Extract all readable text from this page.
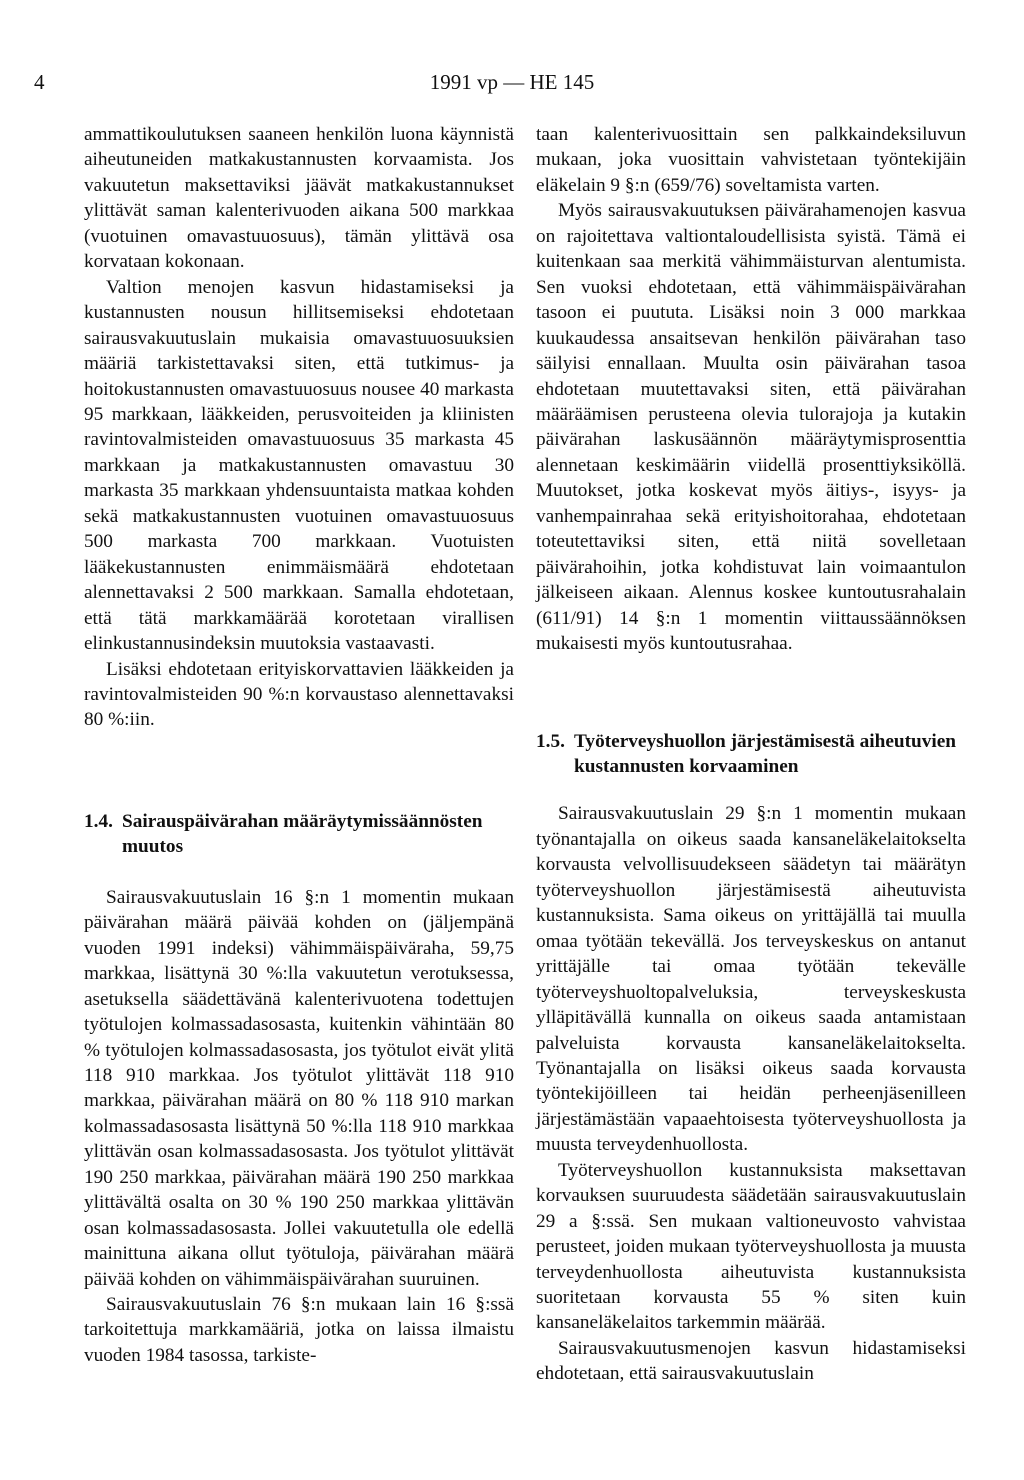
4	1991 vp — HE 145

ammattikoulutuksen saaneen henkilön luona käynnistä aiheutuneiden matkakustannusten korvaamista. Jos vakuutetun maksettaviksi jäävät matkakustannukset ylittävät saman kalenterivuoden aikana 500 markkaa (vuotuinen omavastuuosuus), tämän ylittävä osa korvataan kokonaan.

Valtion menojen kasvun hidastamiseksi ja kustannusten nousun hillitsemiseksi ehdotetaan sairausvakuutuslain mukaisia omavastuuosuuksien määriä tarkistettavaksi siten, että tutkimus- ja hoitokustannusten omavastuuosuus nousee 40 markasta 95 markkaan, lääkkeiden, perusvoiteiden ja kliinisten ravintovalmisteiden omavastuuosuus 35 markasta 45 markkaan ja matkakustannusten omavastuu 30 markasta 35 markkaan yhdensuuntaista matkaa kohden sekä matkakustannusten vuotuinen omavastuuosuus 500 markasta 700 markkaan. Vuotuisten lääkekustannusten enimmäismäärä ehdotetaan alennettavaksi 2 500 markkaan. Samalla ehdotetaan, että tätä markkamäärää korotetaan virallisen elinkustannusindeksin muutoksia vastaavasti.

Lisäksi ehdotetaan erityiskorvattavien lääkkeiden ja ravintovalmisteiden 90 %:n korvaustaso alennettavaksi 80 %:iin.

1.4. Sairauspäivärahan määräytymissäännösten muutos

Sairausvakuutuslain 16 §:n 1 momentin mukaan päivärahan määrä päivää kohden on (jäljempänä vuoden 1991 indeksi) vähimmäispäiväraha, 59,75 markkaa, lisättynä 30 %:lla vakuutetun verotuksessa, asetuksella säädettävänä kalenterivuotena todettujen työtulojen kolmassadasosasta, kuitenkin vähintään 80 % työtulojen kolmassadasosasta, jos työtulot eivät ylitä 118 910 markkaa. Jos työtulot ylittävät 118 910 markkaa, päivärahan määrä on 80 % 118 910 markan kolmassadasosasta lisättynä 50 %:lla 118 910 markkaa ylittävän osan kolmassadasosasta. Jos työtulot ylittävät 190 250 markkaa, päivärahan määrä 190 250 markkaa ylittävältä osalta on 30 % 190 250 markkaa ylittävän osan kolmassadasosasta. Jollei vakuutetulla ole edellä mainittuna aikana ollut työtuloja, päivärahan määrä päivää kohden on vähimmäispäivärahan suuruinen.

Sairausvakuutuslain 76 §:n mukaan lain 16 §:ssä tarkoitettuja markkamääriä, jotka on laissa ilmaistu vuoden 1984 tasossa, tarkiste-

taan kalenterivuosittain sen palkkaindeksiluvun mukaan, joka vuosittain vahvistetaan työntekijäin eläkelain 9 §:n (659/76) soveltamista varten.

Myös sairausvakuutuksen päivärahamenojen kasvua on rajoitettava valtiontaloudellisista syistä. Tämä ei kuitenkaan saa merkitä vähimmäisturvan alentumista. Sen vuoksi ehdotetaan, että vähimmäispäivärahan tasoon ei puututa. Lisäksi noin 3 000 markkaa kuukaudessa ansaitsevan henkilön päivärahan taso säilyisi ennallaan. Muulta osin päivärahan tasoa ehdotetaan muutettavaksi siten, että päivärahan määräämisen perusteena olevia tulorajoja ja kutakin päivärahan laskusäännön määräytymisprosenttia alennetaan keskimäärin viidellä prosenttiyksiköllä. Muutokset, jotka koskevat myös äitiys-, isyys- ja vanhempainrahaa sekä erityishoitorahaa, ehdotetaan toteutettaviksi siten, että niitä sovelletaan päivärahoihin, jotka kohdistuvat lain voimaantulon jälkeiseen aikaan. Alennus koskee kuntoutusrahalain (611/91) 14 §:n 1 momentin viittaussäännöksen mukaisesti myös kuntoutusrahaa.

1.5. Työterveyshuollon järjestämisestä aiheutuvien kustannusten korvaaminen

Sairausvakuutuslain 29 §:n 1 momentin mukaan työnantajalla on oikeus saada kansaneläkelaitokselta korvausta velvollisuudekseen säädetyn tai määrätyn työterveyshuollon järjestämisestä aiheutuvista kustannuksista. Sama oikeus on yrittäjällä tai muulla omaa työtään tekevällä. Jos terveyskeskus on antanut yrittäjälle tai omaa työtään tekevälle työterveyshuoltopalveluksia, terveyskeskusta ylläpitävällä kunnalla on oikeus saada antamistaan palveluista korvausta kansaneläkelaitokselta. Työnantajalla on lisäksi oikeus saada korvausta työntekijöilleen tai heidän perheenjäsenilleen järjestämästään vapaaehtoisesta työterveyshuollosta ja muusta terveydenhuollosta.

Työterveyshuollon kustannuksista maksettavan korvauksen suuruudesta säädetään sairausvakuutuslain 29 a §:ssä. Sen mukaan valtioneuvosto vahvistaa perusteet, joiden mukaan työterveyshuollosta ja muusta terveydenhuollosta aiheutuvista kustannuksista suoritetaan korvausta 55 % siten kuin kansaneläkelaitos tarkemmin määrää.

Sairausvakuutusmenojen kasvun hidastamiseksi ehdotetaan, että sairausvakuutuslain
